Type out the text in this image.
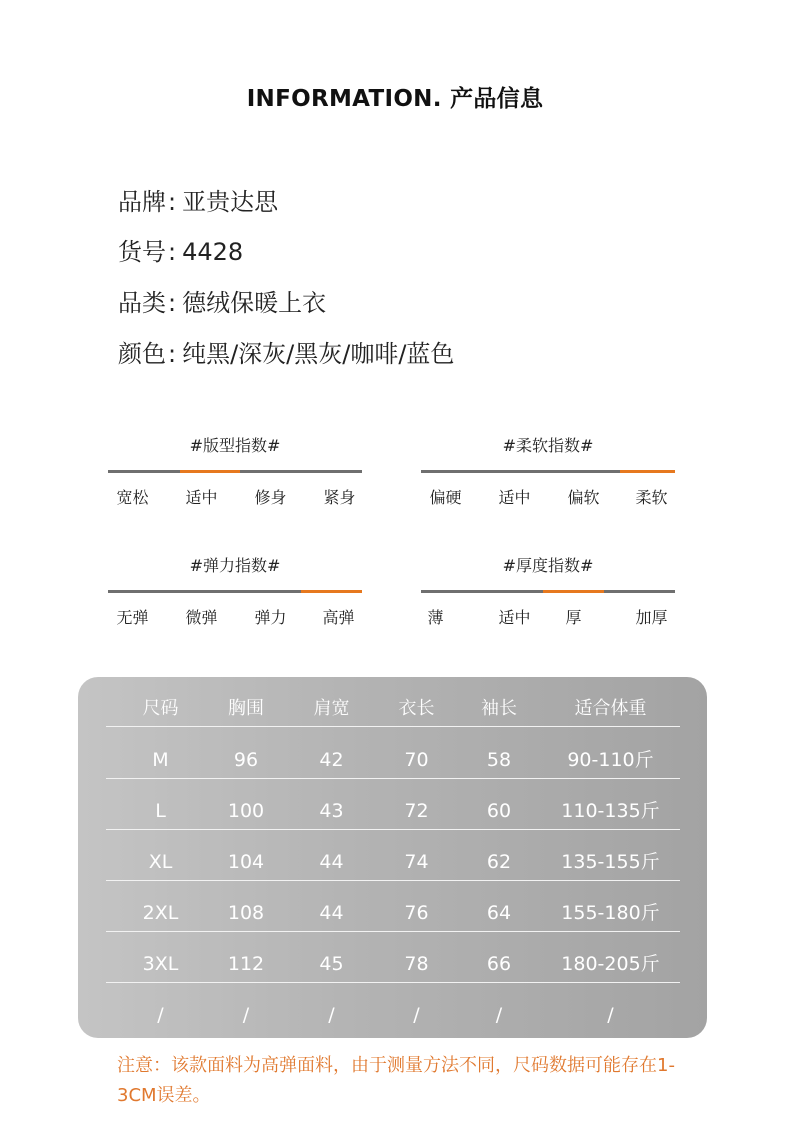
INFORMATION. 产品信息
品牌: 亚贵达思
货号: 4428
品类: 德绒保暖上衣
颜色: 纯黑/深灰/黑灰/咖啡/蓝色
#版型指数#
宽松	适中	修身	紧身
#柔软指数#
偏硬	适中	偏软	柔软
#弹力指数#
无弹	微弹	弹力	高弹
#厚度指数#
薄	适中	厚	加厚
尺码	胸围	肩宽	衣长	袖长	适合体重
M	96	42	70	58	90-110斤
L	100	43	72	60	110-135斤
XL	104	44	74	62	135-155斤
2XL	108	44	76	64	155-180斤
3XL	112	45	78	66	180-205斤
/	/	/	/	/	/
注意：该款面料为高弹面料，由于测量方法不同，尺码数据可能存在1-3CM误差。
